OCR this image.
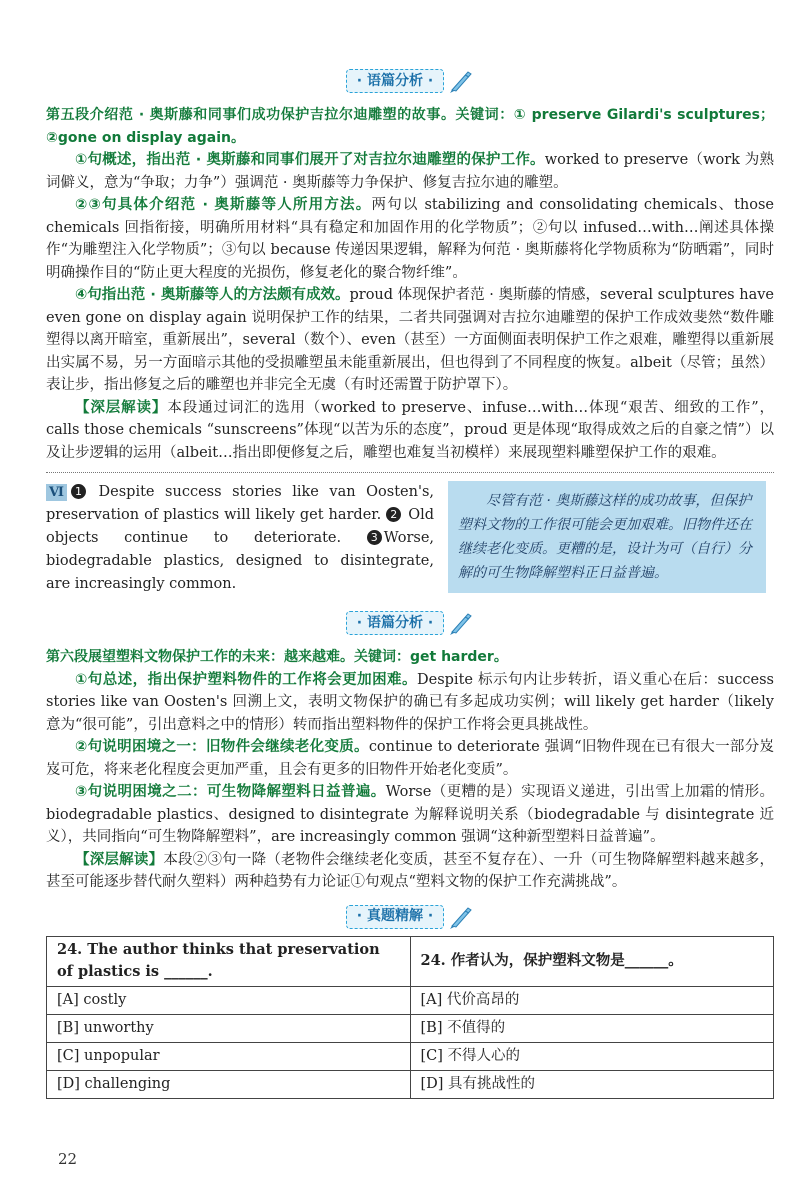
· 语篇分析 ·

第五段介绍范 · 奥斯藤和同事们成功保护吉拉尔迪雕塑的故事。关键词：① preserve Gilardi's sculptures；②gone on display again。

①句概述，指出范 · 奥斯藤和同事们展开了对吉拉尔迪雕塑的保护工作。worked to preserve（work 为熟词僻义，意为“争取；力争”）强调范 · 奥斯藤等力争保护、修复吉拉尔迪的雕塑。

②③句具体介绍范 · 奥斯藤等人所用方法。两句以 stabilizing and consolidating chemicals、those chemicals 回指衔接，明确所用材料“具有稳定和加固作用的化学物质”；②句以 infused…with…阐述具体操作“为雕塑注入化学物质”；③句以 because 传递因果逻辑，解释为何范 · 奥斯藤将化学物质称为“防晒霜”，同时明确操作目的“防止更大程度的光损伤，修复老化的聚合物纤维”。

④句指出范 · 奥斯藤等人的方法颇有成效。proud 体现保护者范 · 奥斯藤的情感，several sculptures have even gone on display again 说明保护工作的结果，二者共同强调对吉拉尔迪雕塑的保护工作成效斐然“数件雕塑得以离开暗室，重新展出”，several（数个）、even（甚至）一方面侧面表明保护工作之艰难，雕塑得以重新展出实属不易，另一方面暗示其他的受损雕塑虽未能重新展出，但也得到了不同程度的恢复。albeit（尽管；虽然）表让步，指出修复之后的雕塑也并非完全无虞（有时还需置于防护罩下）。

【深层解读】本段通过词汇的选用（worked to preserve、infuse…with…体现“艰苦、细致的工作”，calls those chemicals “sunscreens”体现“以苦为乐的态度”，proud 更是体现“取得成效之后的自豪之情”）以及让步逻辑的运用（albeit…指出即便修复之后，雕塑也难复当初模样）来展现塑料雕塑保护工作的艰难。

Ⅵ 1 Despite success stories like van Oosten's, preservation of plastics will likely get harder. 2 Old objects continue to deteriorate.	3 Worse, biodegradable plastics, designed to disintegrate, are increasingly common.
尽管有范 · 奥斯藤这样的成功故事，但保护塑料文物的工作很可能会更加艰难。旧物件还在继续老化变质。更糟的是，设计为可（自行）分解的可生物降解塑料正日益普遍。
· 语篇分析 ·

第六段展望塑料文物保护工作的未来：越来越难。关键词：get harder。

①句总述，指出保护塑料物件的工作将会更加困难。Despite 标示句内让步转折，语义重心在后：success stories like van Oosten's 回溯上文，表明文物保护的确已有多起成功实例；will likely get harder（likely 意为“很可能”，引出意料之中的情形）转而指出塑料物件的保护工作将会更具挑战性。

②句说明困境之一：旧物件会继续老化变质。continue to deteriorate 强调“旧物件现在已有很大一部分岌岌可危，将来老化程度会更加严重，且会有更多的旧物件开始老化变质”。

③句说明困境之二：可生物降解塑料日益普遍。Worse（更糟的是）实现语义递进，引出雪上加霜的情形。biodegradable plastics、designed to disintegrate 为解释说明关系（biodegradable 与 disintegrate 近义），共同指向“可生物降解塑料”，are increasingly common 强调“这种新型塑料日益普遍”。

【深层解读】本段②③句一降（老物件会继续老化变质，甚至不复存在）、一升（可生物降解塑料越来越多，甚至可能逐步替代耐久塑料）两种趋势有力论证①句观点“塑料文物的保护工作充满挑战”。

· 真题精解 ·
24. The author thinks that preservation of plastics is ______.	24. 作者认为，保护塑料文物是______。
[A] costly	[A] 代价高昂的
[B] unworthy	[B] 不值得的
[C] unpopular	[C] 不得人心的
[D] challenging	[D] 具有挑战性的
22
